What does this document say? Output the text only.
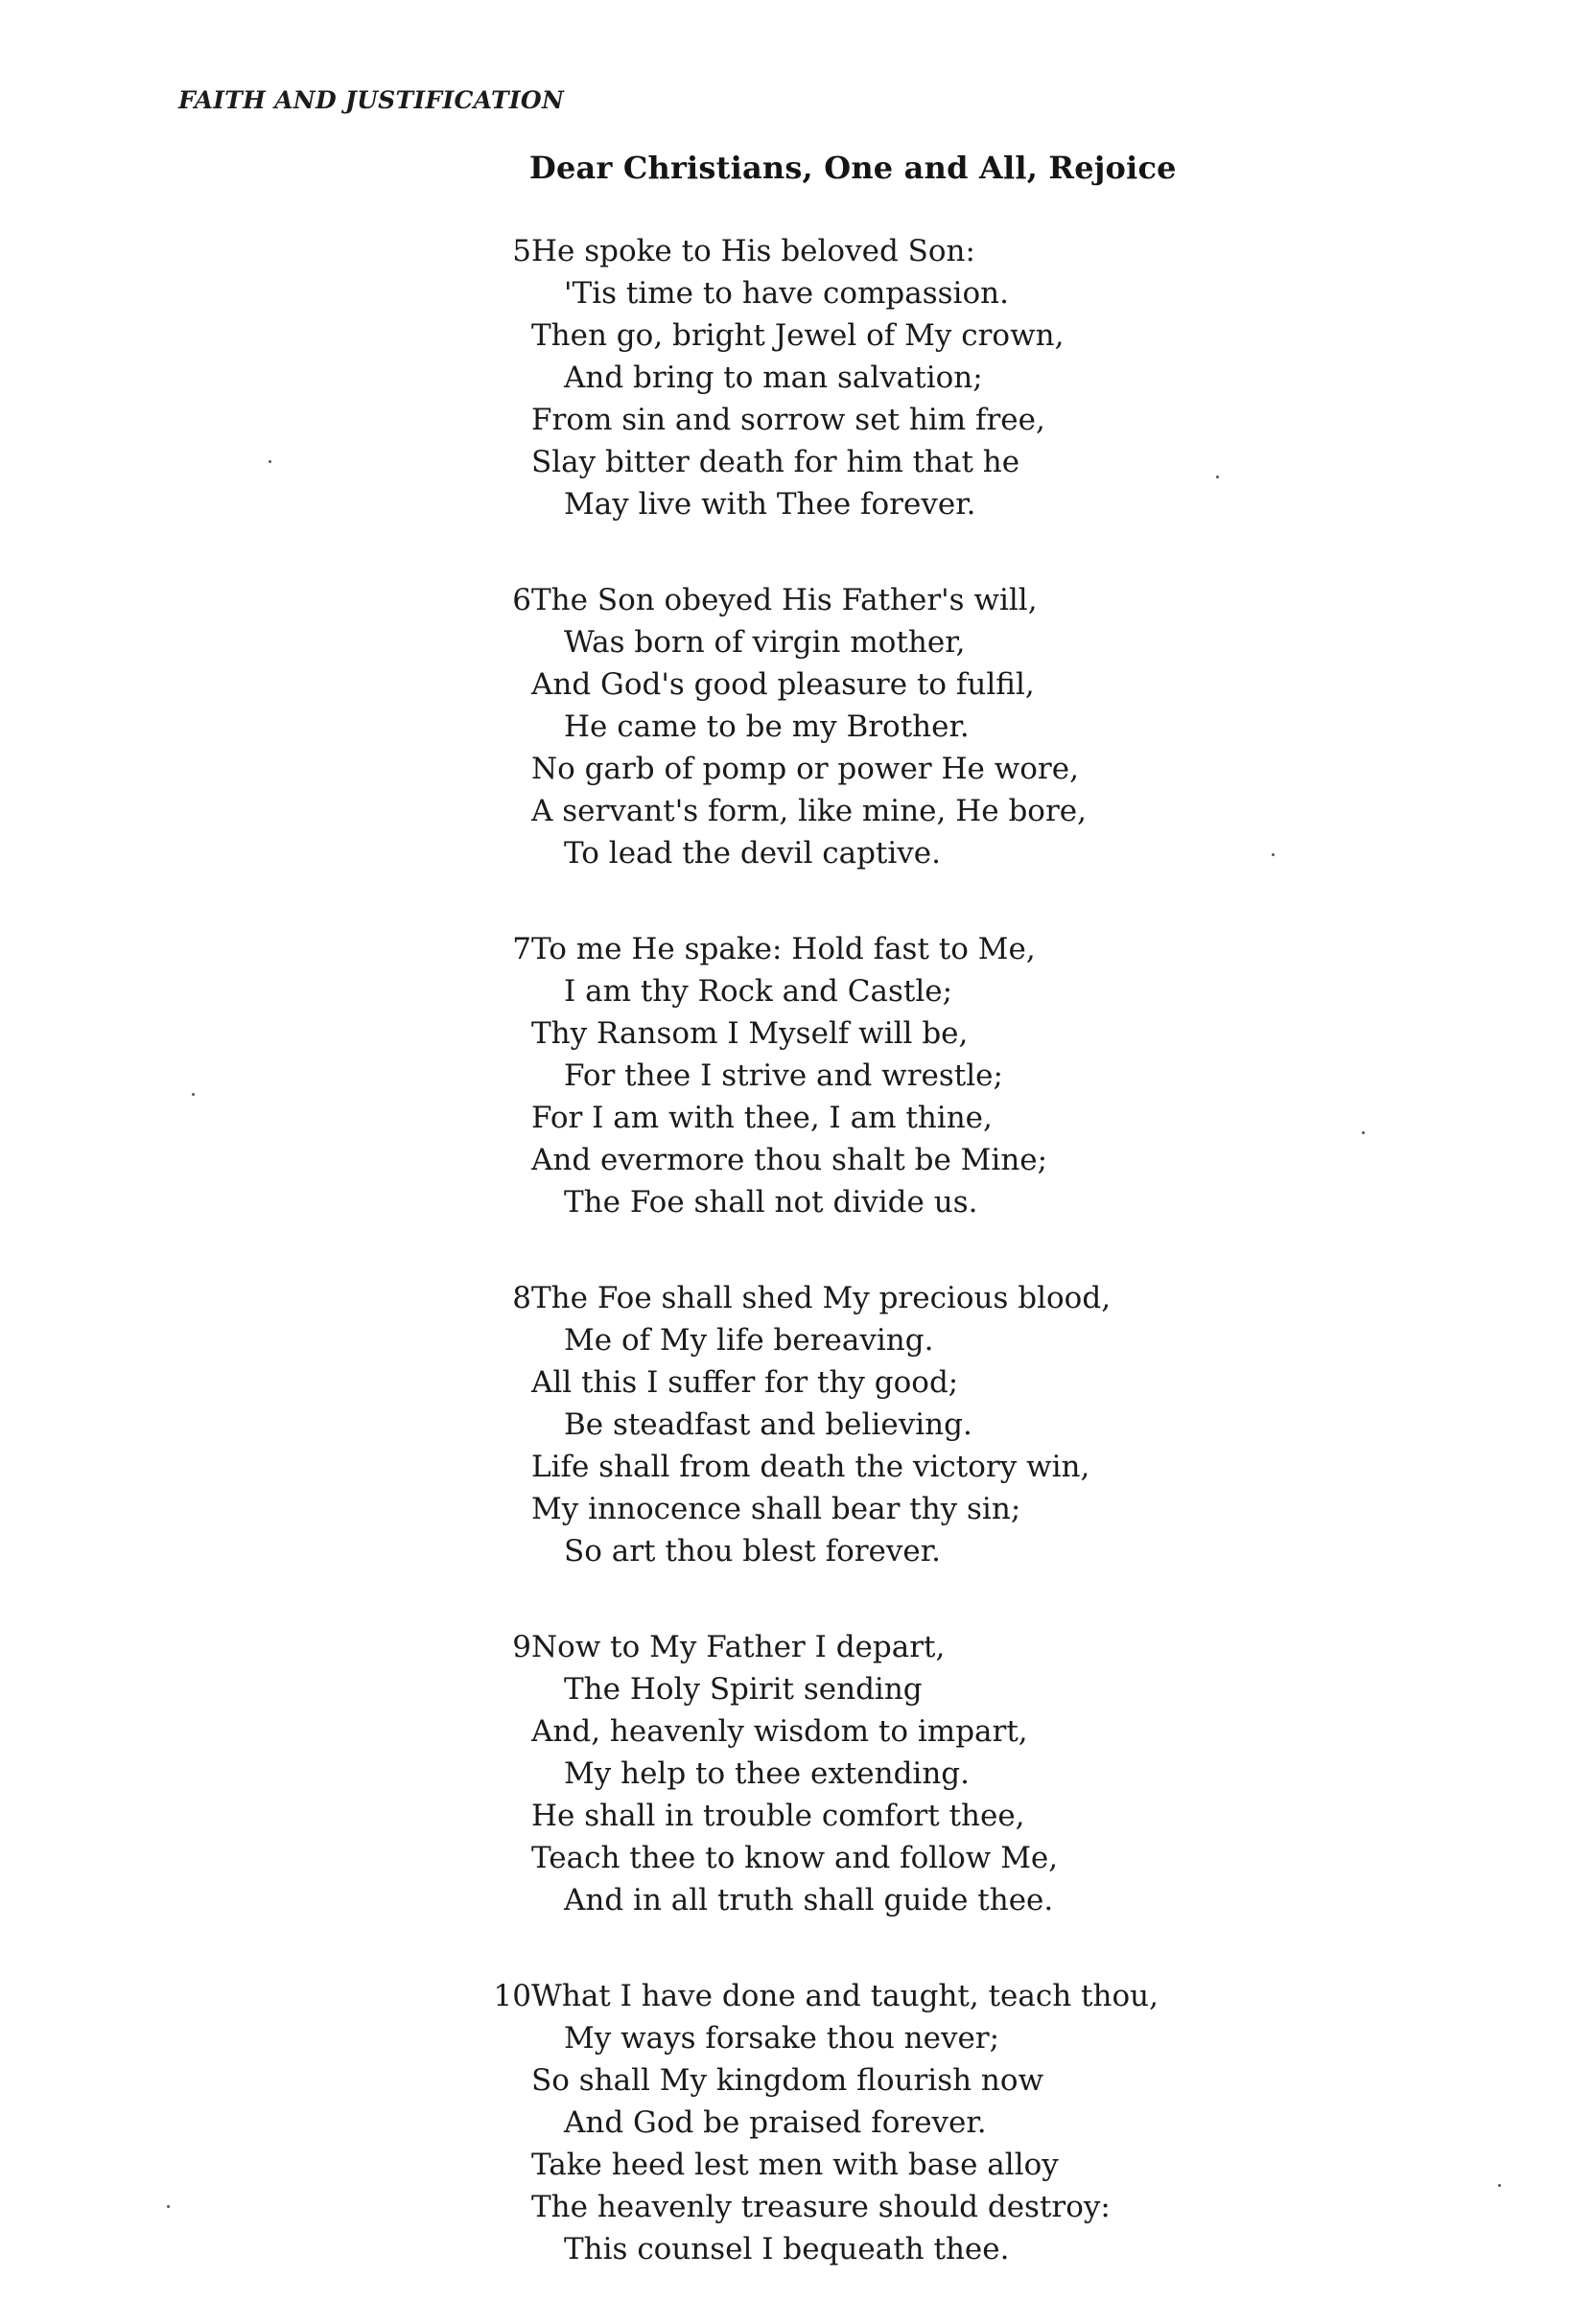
FAITH AND JUSTIFICATION
Dear Christians, One and All, Rejoice
5 He spoke to His beloved Son:
'Tis time to have compassion.
Then go, bright Jewel of My crown,
And bring to man salvation;
From sin and sorrow set him free,
Slay bitter death for him that he
May live with Thee forever.
6 The Son obeyed His Father's will,
Was born of virgin mother,
And God's good pleasure to fulfil,
He came to be my Brother.
No garb of pomp or power He wore,
A servant's form, like mine, He bore,
To lead the devil captive.
7 To me He spake: Hold fast to Me,
I am thy Rock and Castle;
Thy Ransom I Myself will be,
For thee I strive and wrestle;
For I am with thee, I am thine,
And evermore thou shalt be Mine;
The Foe shall not divide us.
8 The Foe shall shed My precious blood,
Me of My life bereaving.
All this I suffer for thy good;
Be steadfast and believing.
Life shall from death the victory win,
My innocence shall bear thy sin;
So art thou blest forever.
9 Now to My Father I depart,
The Holy Spirit sending
And, heavenly wisdom to impart,
My help to thee extending.
He shall in trouble comfort thee,
Teach thee to know and follow Me,
And in all truth shall guide thee.
10 What I have done and taught, teach thou,
My ways forsake thou never;
So shall My kingdom flourish now
And God be praised forever.
Take heed lest men with base alloy
The heavenly treasure should destroy:
This counsel I bequeath thee.
